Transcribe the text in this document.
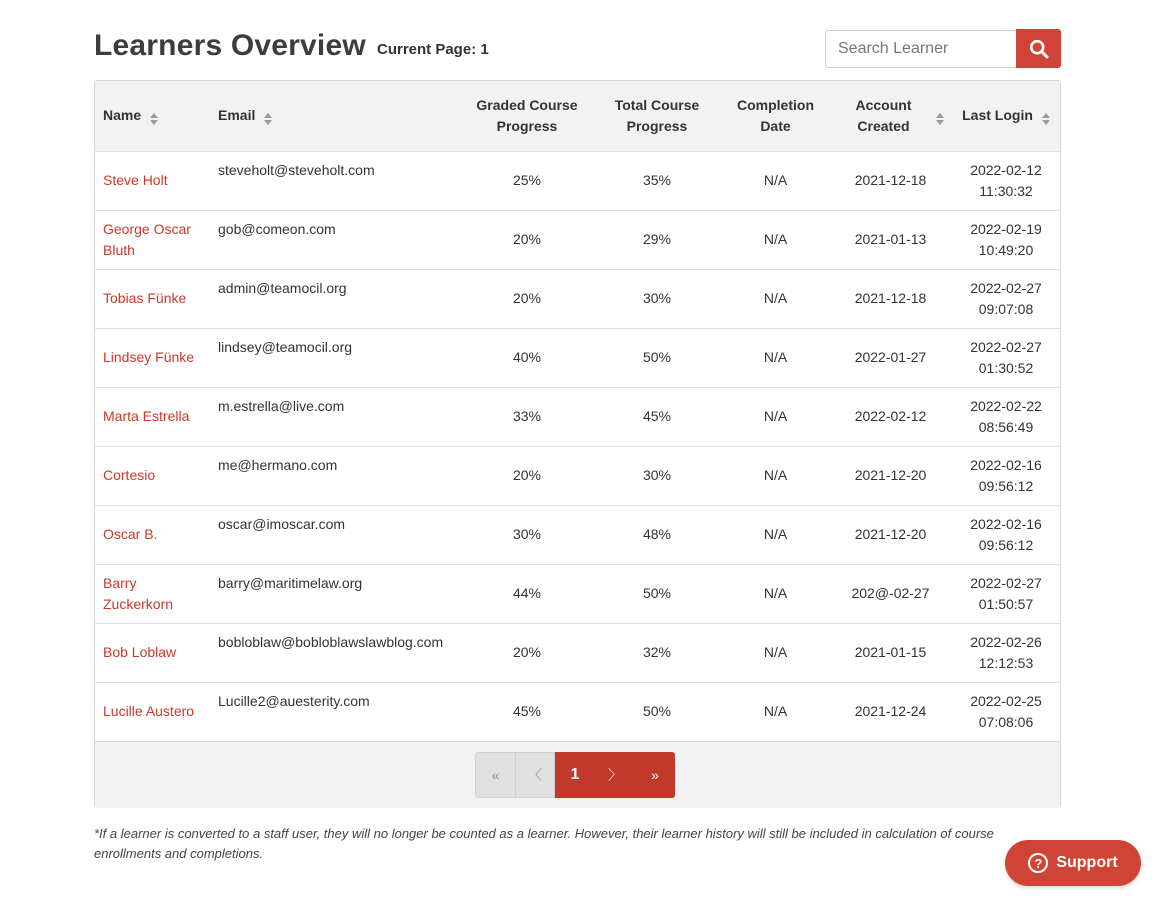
Learners Overview Current Page: 1
Search Learner
Name	Email	Graded Course Progress	Total Course Progress	Completion Date	Account Created	Last Login

Steve Holt	steveholt@steveholt.com	25%	35%	N/A	2021-12-18	2022-02-12
11:30:32
George Oscar Bluth	gob@comeon.com	20%	29%	N/A	2021-01-13	2022-02-19
10:49:20
Tobias Fünke	admin@teamocil.org	20%	30%	N/A	2021-12-18	2022-02-27
09:07:08
Lindsey Fünke	lindsey@teamocil.org	40%	50%	N/A	2022-01-27	2022-02-27
01:30:52
Marta Estrella	m.estrella@live.com	33%	45%	N/A	2022-02-12	2022-02-22
08:56:49
Cortesio	me@hermano.com	20%	30%	N/A	2021-12-20	2022-02-16
09:56:12
Oscar B.	oscar@imoscar.com	30%	48%	N/A	2021-12-20	2022-02-16
09:56:12
Barry Zuckerkorn	barry@maritimelaw.org	44%	50%	N/A	202@-02-27	2022-02-27
01:50:57
Bob Loblaw	bobloblaw@bobloblawslawblog.com	20%	32%	N/A	2021-01-15	2022-02-26
12:12:53
Lucille Austero	Lucille2@auesterity.com	45%	50%	N/A	2021-12-24	2022-02-25
07:08:06
«	〈	1	〉	»
*If a learner is converted to a staff user, they will no longer be counted as a learner. However, their learner history will still be included in calculation of course enrollments and completions.
? Support
